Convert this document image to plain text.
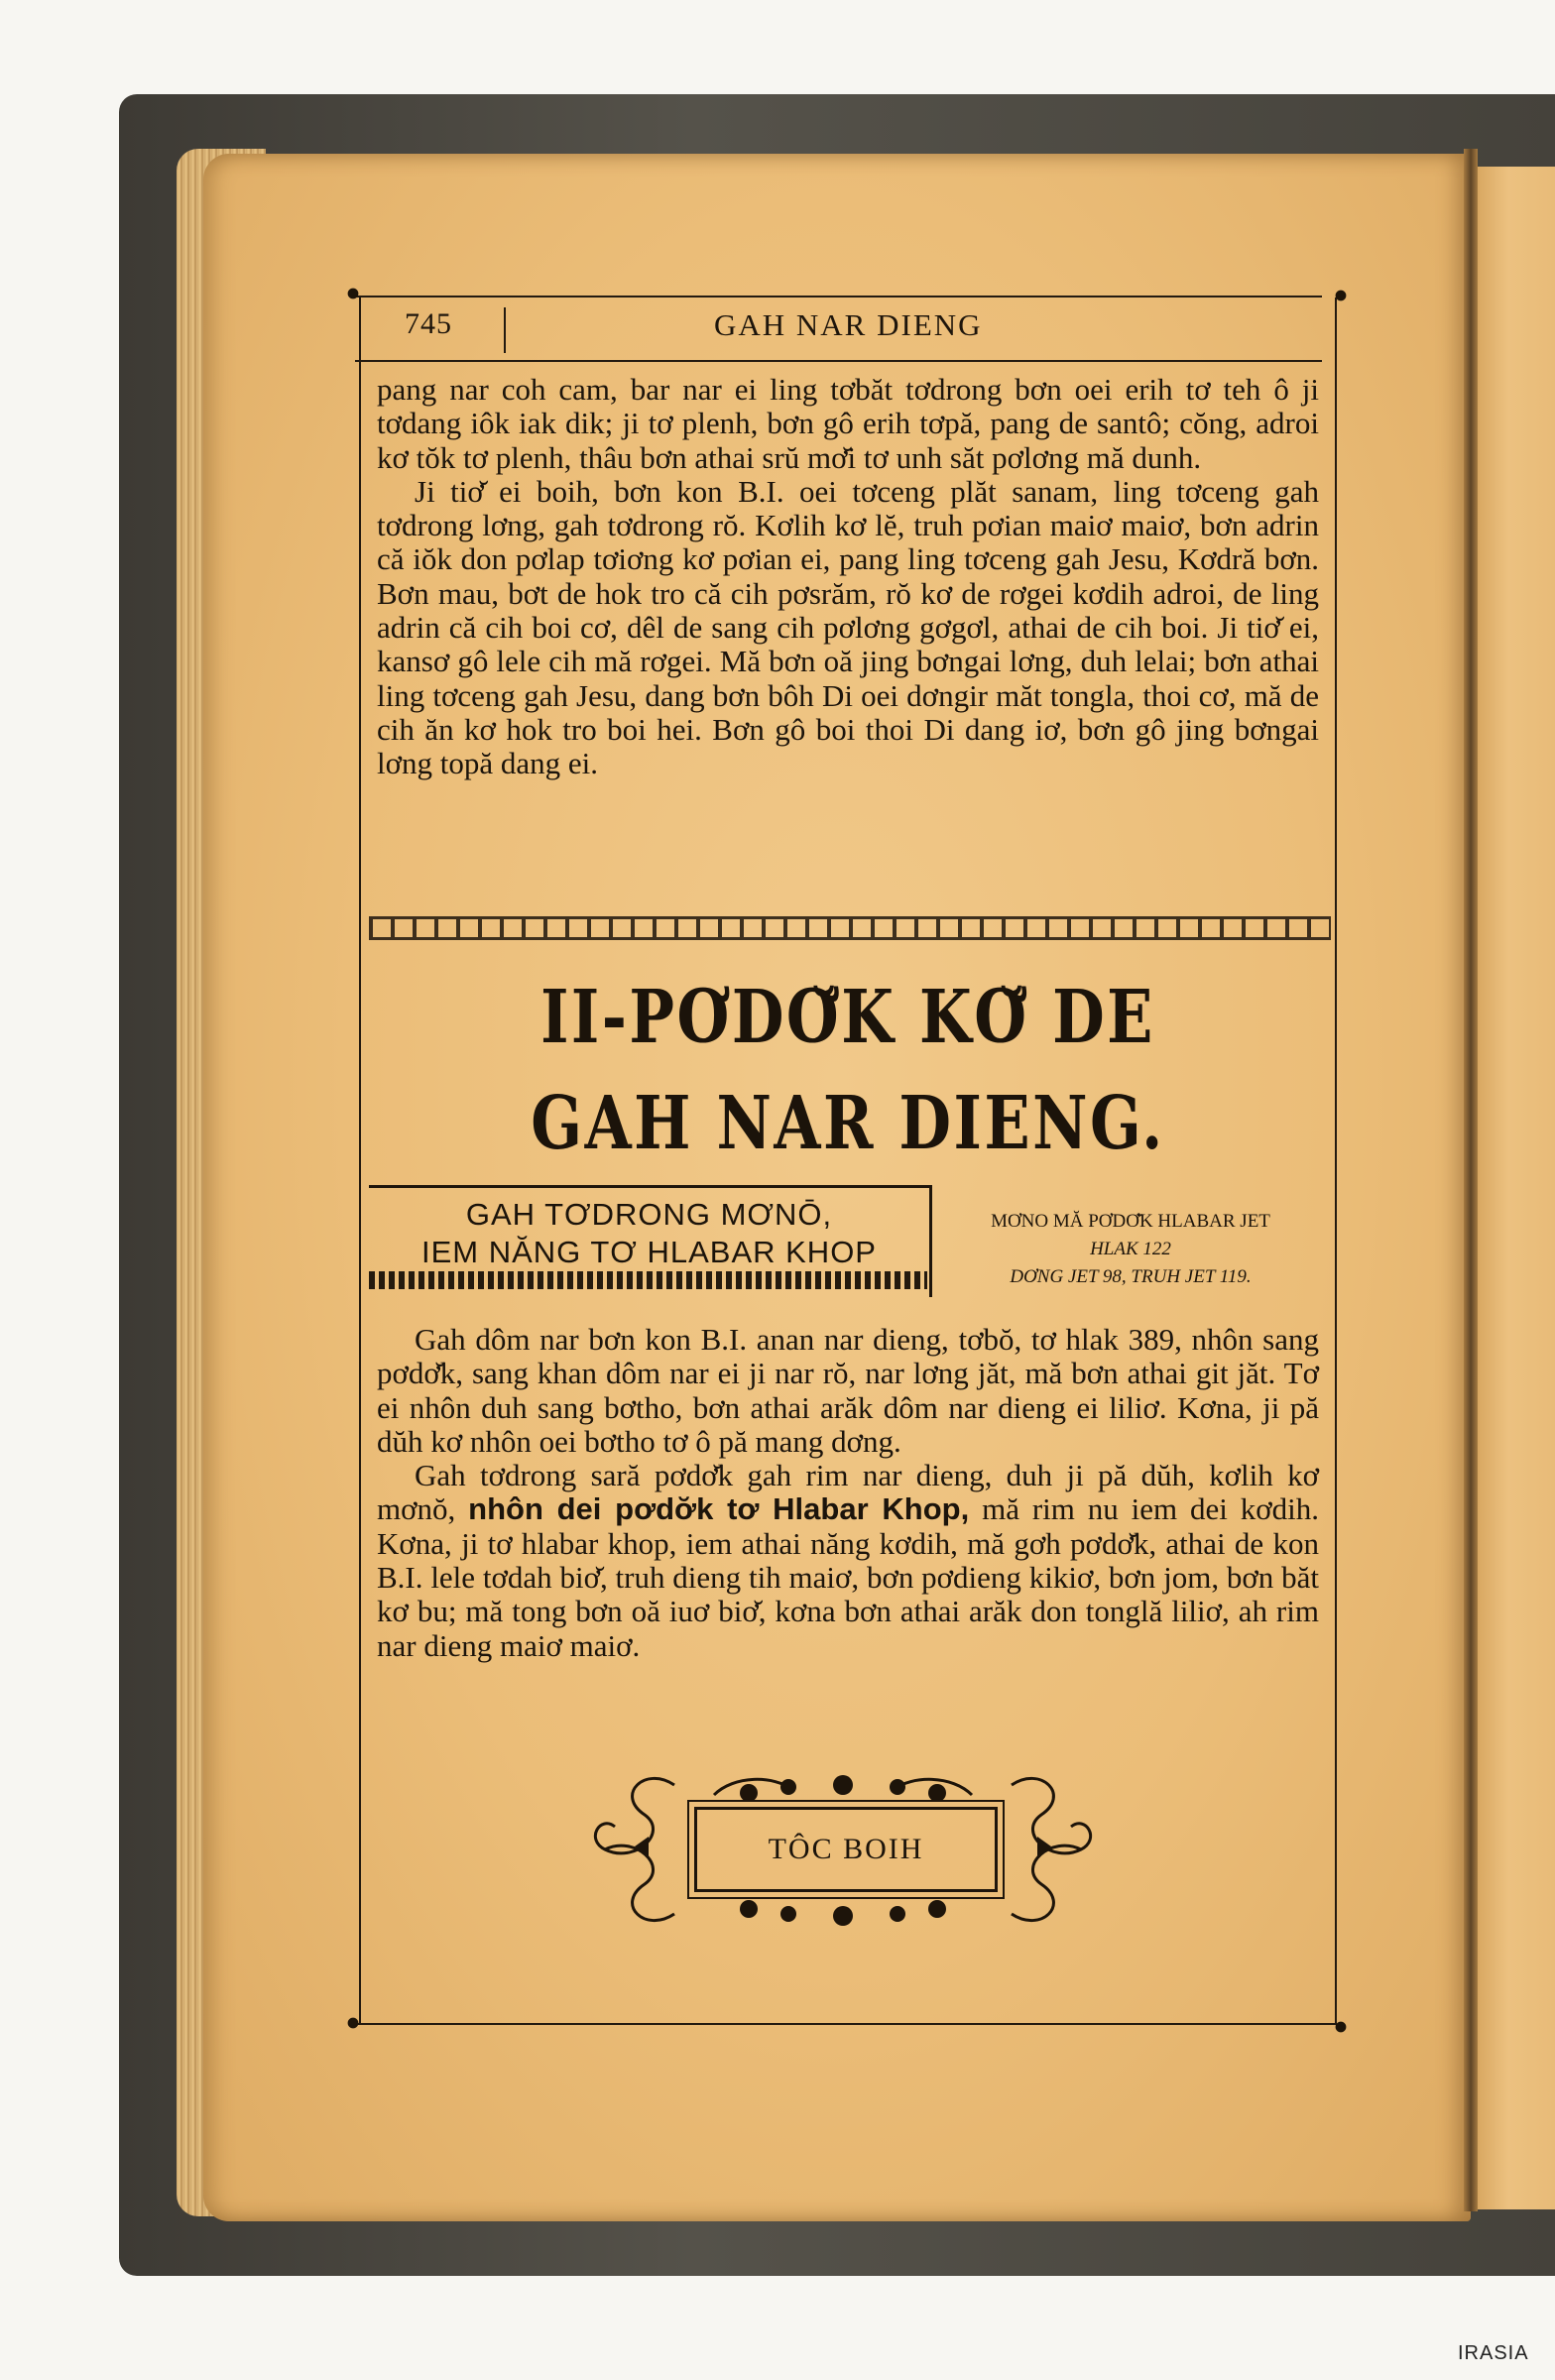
745	GAH NAR DIENG

pang nar coh cam, bar nar ei ling tơbăt tơdrong bơn oei erih tơ teh ô ji tơdang iôk iak dik; ji tơ plenh, bơn gô erih tơpă, pang de santô; cŏng, adroi kơ tŏk tơ plenh, thâu bơn athai srŭ mơ̆i tơ unh săt pơlơng mă dunh.

Ji tiơ̆ ei boih, bơn kon B.I. oei tơceng plăt sanam, ling tơceng gah tơdrong lơng, gah tơdrong rŏ. Kơlih kơ lĕ, truh pơian maiơ maiơ, bơn adrin că iŏk don pơlap tơiơng kơ pơian ei, pang ling tơceng gah Jesu, Kơdră bơn. Bơn mau, bơt de hok tro că cih pơsrăm, rŏ kơ de rơgei kơdih adroi, de ling adrin că cih boi cơ, dêl de sang cih pơlơng gơgơl, athai de cih boi. Ji tiơ̆ ei, kansơ gô lele cih mă rơgei. Mă bơn oă jing bơngai lơng, duh lelai; bơn athai ling tơceng gah Jesu, dang bơn bôh Di oei dơngir măt tongla, thoi cơ, mă de cih ăn kơ hok tro boi hei. Bơn gô boi thoi Di dang iơ, bơn gô jing bơngai lơng topă dang ei.

II-PƠDƠ̆K KƠ̆ DE
GAH NAR DIENG.
GAH TƠDRONG MƠNŌ,
IEM NĂNG TƠ HLABAR KHOP
MƠNO MĂ PƠDƠ̆K HLABAR JET
HLAK 122
DƠNG JET 98, TRUH JET 119.

Gah dôm nar bơn kon B.I. anan nar dieng, tơbŏ, tơ hlak 389, nhôn sang pơdơ̆k, sang khan dôm nar ei ji nar rŏ, nar lơng jăt, mă bơn athai git jăt. Tơ ei nhôn duh sang bơtho, bơn athai arăk dôm nar dieng ei liliơ. Kơna, ji pă dŭh kơ nhôn oei bơtho tơ ô pă mang dơng.

Gah tơdrong sară pơdơ̆k gah rim nar dieng, duh ji pă dŭh, kơlih kơ mơnŏ, nhôn dei pơdơ̆k tơ Hlabar Khop, mă rim nu iem dei kơdih. Kơna, ji tơ hlabar khop, iem athai năng kơdih, mă gơh pơdơ̆k, athai de kon B.I. lele tơdah biơ̆, truh dieng tih maiơ, bơn pơdieng kikiơ, bơn jom, bơn băt kơ bu; mă tong bơn oă iuơ biơ̆, kơna bơn athai arăk don tonglă liliơ, ah rim nar dieng maiơ maiơ.

TÔC BOIH
IRASIA
